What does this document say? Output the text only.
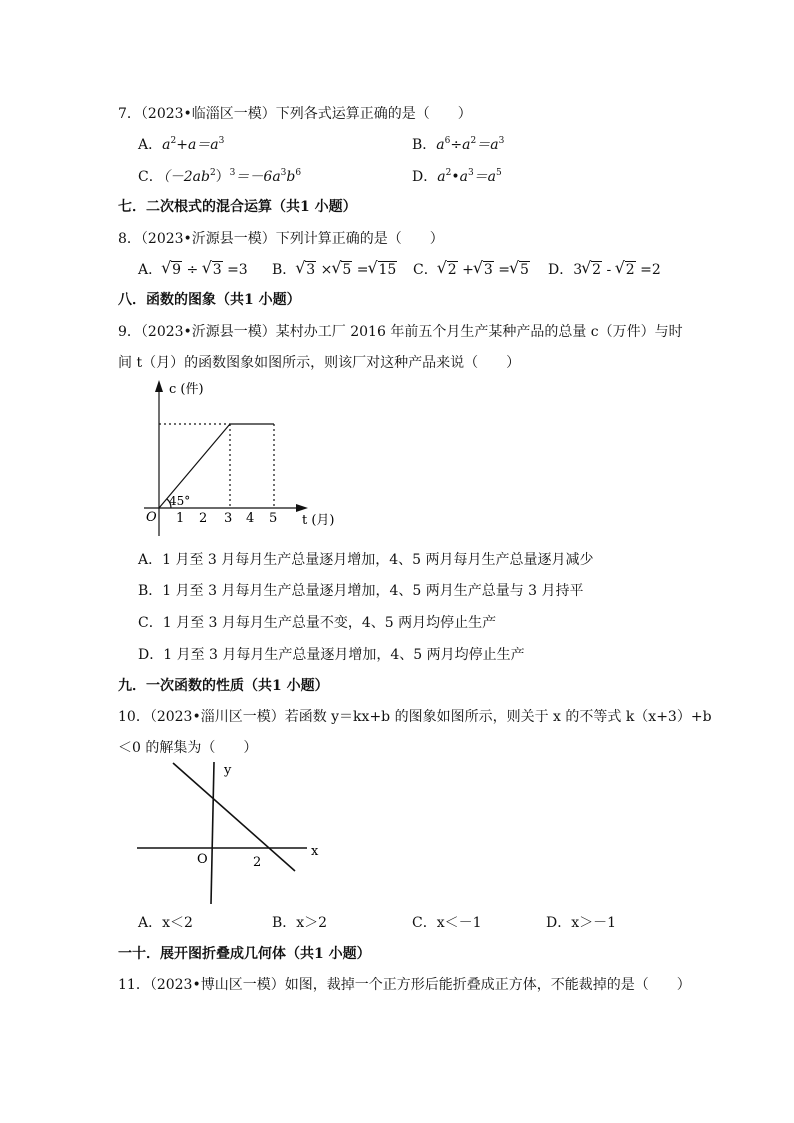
7．（2023•临淄区一模）下列各式运算正确的是（　　）
A．$a^2+a=a^3$	B．$a^6\div a^2=a^3$
C．$(-2ab^2)^3=-6a^3b^6$	D．$a^2•a^3=a^5$
七．二次根式的混合运算（共1 小题）
8．（2023•沂源县一模）下列计算正确的是（　　）
A． √ 9 ÷ √ 3 =3 B． √ 3 × √ 5 = √ 15 C． √ 2 + √ 3 = √ 5 D．3 √ 2 - √ 2 =2
八．函数的图象（共1 小题）
9．（2023•沂源县一模）某村办工厂 2016 年前五个月生产某种产品的总量 c（万件）与时
间 t（月）的函数图象如图所示，则该厂对这种产品来说（　　）
c (件)
45°
O 1 2 3 4 5 t (月)
A．1 月至 3 月每月生产总量逐月增加，4、5 两月每月生产总量逐月减少
B．1 月至 3 月每月生产总量逐月增加，4、5 两月生产总量与 3 月持平
C．1 月至 3 月每月生产总量不变，4、5 两月均停止生产
D．1 月至 3 月每月生产总量逐月增加，4、5 两月均停止生产
九．一次函数的性质（共1 小题）
10．（2023•淄川区一模）若函数 y＝kx+b 的图象如图所示，则关于 x 的不等式 k（x+3）+b
＜0 的解集为（　　）
y
x
O	2
A．x＜2	B．x＞2	C．x＜－1	D．x＞－1
一十．展开图折叠成几何体（共1 小题）
11．（2023•博山区一模）如图，裁掉一个正方形后能折叠成正方体，不能裁掉的是（　　）
